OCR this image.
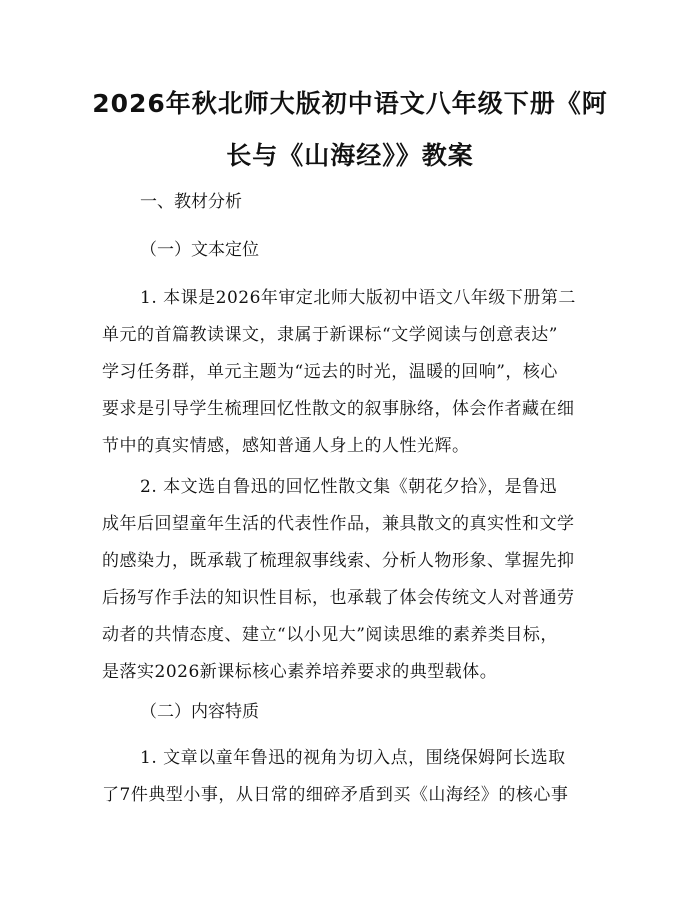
2026年秋北师大版初中语文八年级下册《阿
长与《山海经》》教案
一、教材分析
（一）文本定位
1. 本课是2026年审定北师大版初中语文八年级下册第二
单元的首篇教读课文，隶属于新课标“文学阅读与创意表达”
学习任务群，单元主题为“远去的时光，温暖的回响”，核心
要求是引导学生梳理回忆性散文的叙事脉络，体会作者藏在细
节中的真实情感，感知普通人身上的人性光辉。
2. 本文选自鲁迅的回忆性散文集《朝花夕拾》，是鲁迅
成年后回望童年生活的代表性作品，兼具散文的真实性和文学
的感染力，既承载了梳理叙事线索、分析人物形象、掌握先抑
后扬写作手法的知识性目标，也承载了体会传统文人对普通劳
动者的共情态度、建立“以小见大”阅读思维的素养类目标，
是落实2026新课标核心素养培养要求的典型载体。
（二）内容特质
1. 文章以童年鲁迅的视角为切入点，围绕保姆阿长选取
了7件典型小事，从日常的细碎矛盾到买《山海经》的核心事
